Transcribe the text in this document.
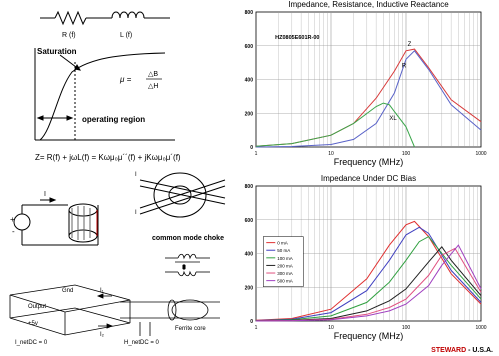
R (f)	L (f)
Saturation
μ =
△B
△H
operating region
Z= R(f) + jωL(f) = Kωμ₀μ´´(f) + jKωμ₀μ´(f)
I
+
-
I
I
common mode choke
Gnd
Output
+5v
I₁
I₂
I_netDC = 0	H_netDC = 0
Ferrite core
Impedance, Resistance, Inductive Reactance
0
200
400
600
800
1	10	100	1000
Frequency (MHz)
HZ0805E601R-00
Z
R
XL
Impedance Under DC Bias
0
200
400
600
800
1	10	100	1000
Frequency (MHz)
0 mA
50 mA
100 mA
200 mA
300 mA
500 mA
STEWARD - U.S.A.
